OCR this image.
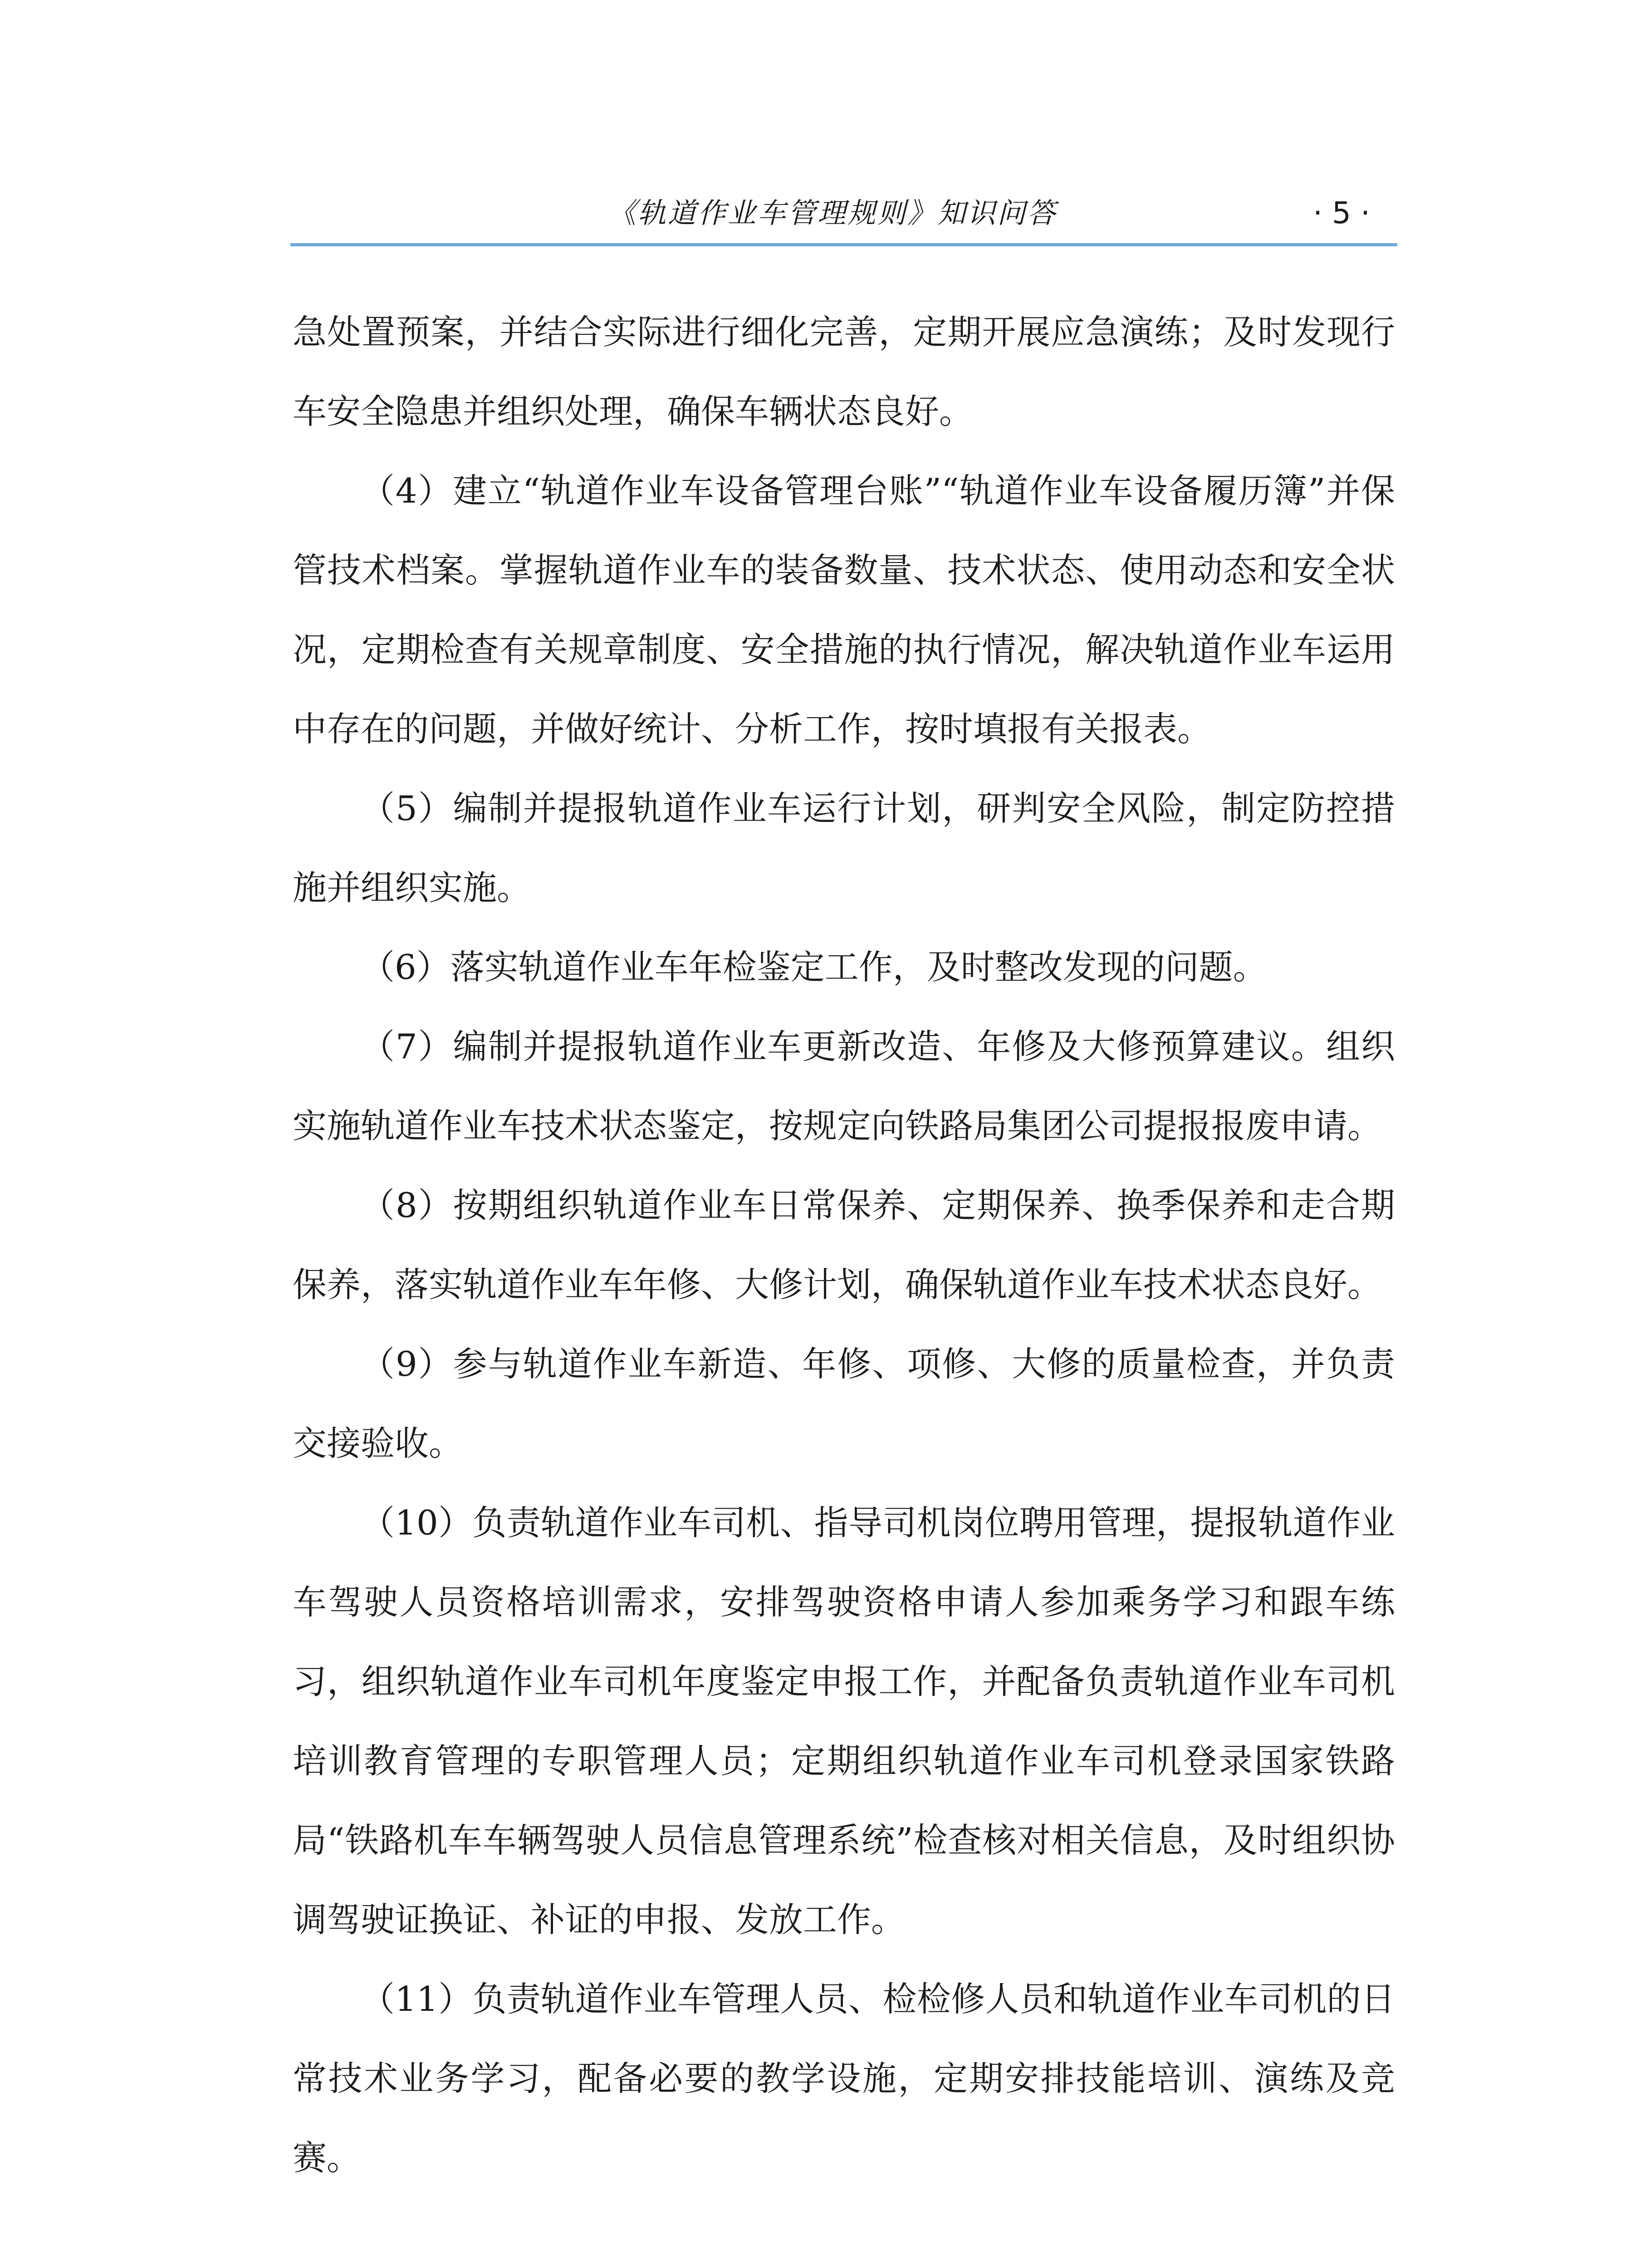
《轨道作业车管理规则》知识问答	· 5 ·

急处置预案，并结合实际进行细化完善，定期开展应急演练；及时发现行车安全隐患并组织处理，确保车辆状态良好。

（4）建立“轨道作业车设备管理台账”“轨道作业车设备履历簿”并保管技术档案。掌握轨道作业车的装备数量、技术状态、使用动态和安全状况，定期检查有关规章制度、安全措施的执行情况，解决轨道作业车运用中存在的问题，并做好统计、分析工作，按时填报有关报表。

（5）编制并提报轨道作业车运行计划，研判安全风险，制定防控措施并组织实施。

（6）落实轨道作业车年检鉴定工作，及时整改发现的问题。

（7）编制并提报轨道作业车更新改造、年修及大修预算建议。组织实施轨道作业车技术状态鉴定，按规定向铁路局集团公司提报报废申请。

（8）按期组织轨道作业车日常保养、定期保养、换季保养和走合期保养，落实轨道作业车年修、大修计划，确保轨道作业车技术状态良好。

（9）参与轨道作业车新造、年修、项修、大修的质量检查，并负责交接验收。

（10）负责轨道作业车司机、指导司机岗位聘用管理，提报轨道作业车驾驶人员资格培训需求，安排驾驶资格申请人参加乘务学习和跟车练习，组织轨道作业车司机年度鉴定申报工作，并配备负责轨道作业车司机培训教育管理的专职管理人员；定期组织轨道作业车司机登录国家铁路局“铁路机车车辆驾驶人员信息管理系统”检查核对相关信息，及时组织协调驾驶证换证、补证的申报、发放工作。

（11）负责轨道作业车管理人员、检检修人员和轨道作业车司机的日常技术业务学习，配备必要的教学设施，定期安排技能培训、演练及竞赛。
